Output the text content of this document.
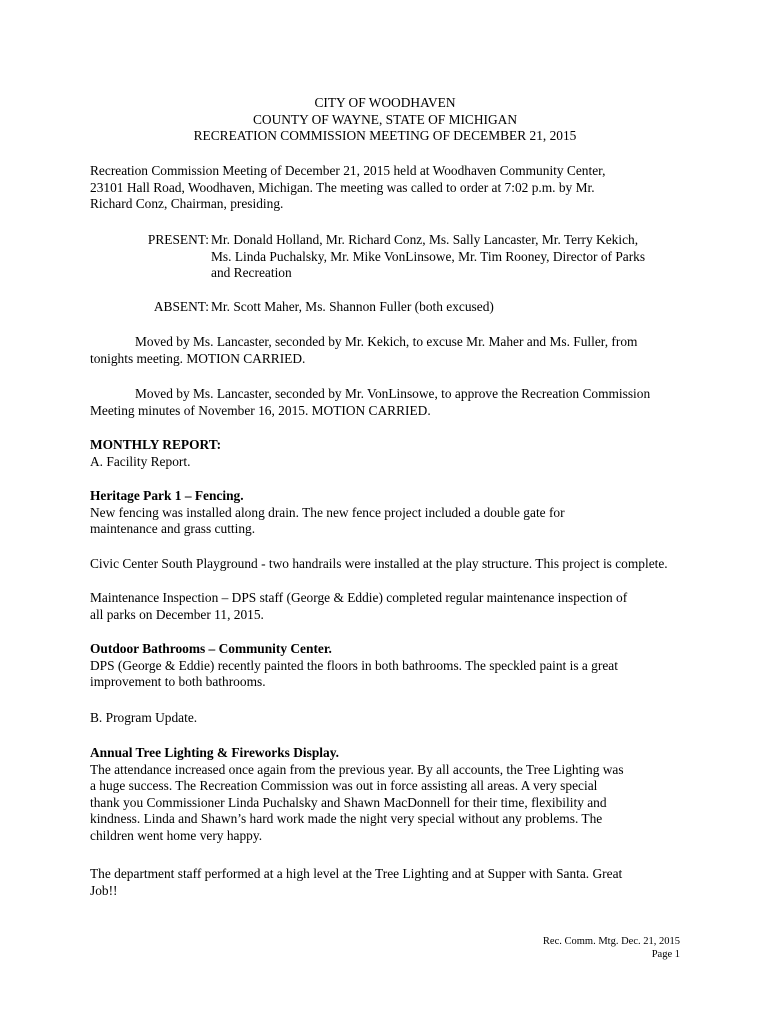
CITY OF WOODHAVEN
COUNTY OF WAYNE, STATE OF MICHIGAN
RECREATION COMMISSION MEETING OF DECEMBER 21, 2015
Recreation Commission Meeting of December 21, 2015 held at Woodhaven Community Center,
23101 Hall Road, Woodhaven, Michigan. The meeting was called to order at 7:02 p.m. by Mr.
Richard Conz, Chairman, presiding.
PRESENT: Mr. Donald Holland, Mr. Richard Conz, Ms. Sally Lancaster, Mr. Terry Kekich,
Ms. Linda Puchalsky, Mr. Mike VonLinsowe, Mr. Tim Rooney, Director of Parks
and Recreation
ABSENT: Mr. Scott Maher, Ms. Shannon Fuller (both excused)
Moved by Ms. Lancaster, seconded by Mr. Kekich, to excuse Mr. Maher and Ms. Fuller, from
tonights meeting. MOTION CARRIED.
Moved by Ms. Lancaster, seconded by Mr. VonLinsowe, to approve the Recreation Commission
Meeting minutes of November 16, 2015. MOTION CARRIED.
MONTHLY REPORT:
A. Facility Report.
Heritage Park 1 – Fencing.
New fencing was installed along drain. The new fence project included a double gate for
maintenance and grass cutting.
Civic Center South Playground - two handrails were installed at the play structure. This project is complete.
Maintenance Inspection – DPS staff (George & Eddie) completed regular maintenance inspection of
all parks on December 11, 2015.
Outdoor Bathrooms – Community Center.
DPS (George & Eddie) recently painted the floors in both bathrooms. The speckled paint is a great
improvement to both bathrooms.
B. Program Update.
Annual Tree Lighting & Fireworks Display.
The attendance increased once again from the previous year. By all accounts, the Tree Lighting was
a huge success. The Recreation Commission was out in force assisting all areas. A very special
thank you Commissioner Linda Puchalsky and Shawn MacDonnell for their time, flexibility and
kindness. Linda and Shawn’s hard work made the night very special without any problems. The
children went home very happy.
The department staff performed at a high level at the Tree Lighting and at Supper with Santa. Great
Job!!
Rec. Comm. Mtg. Dec. 21, 2015
Page 1
